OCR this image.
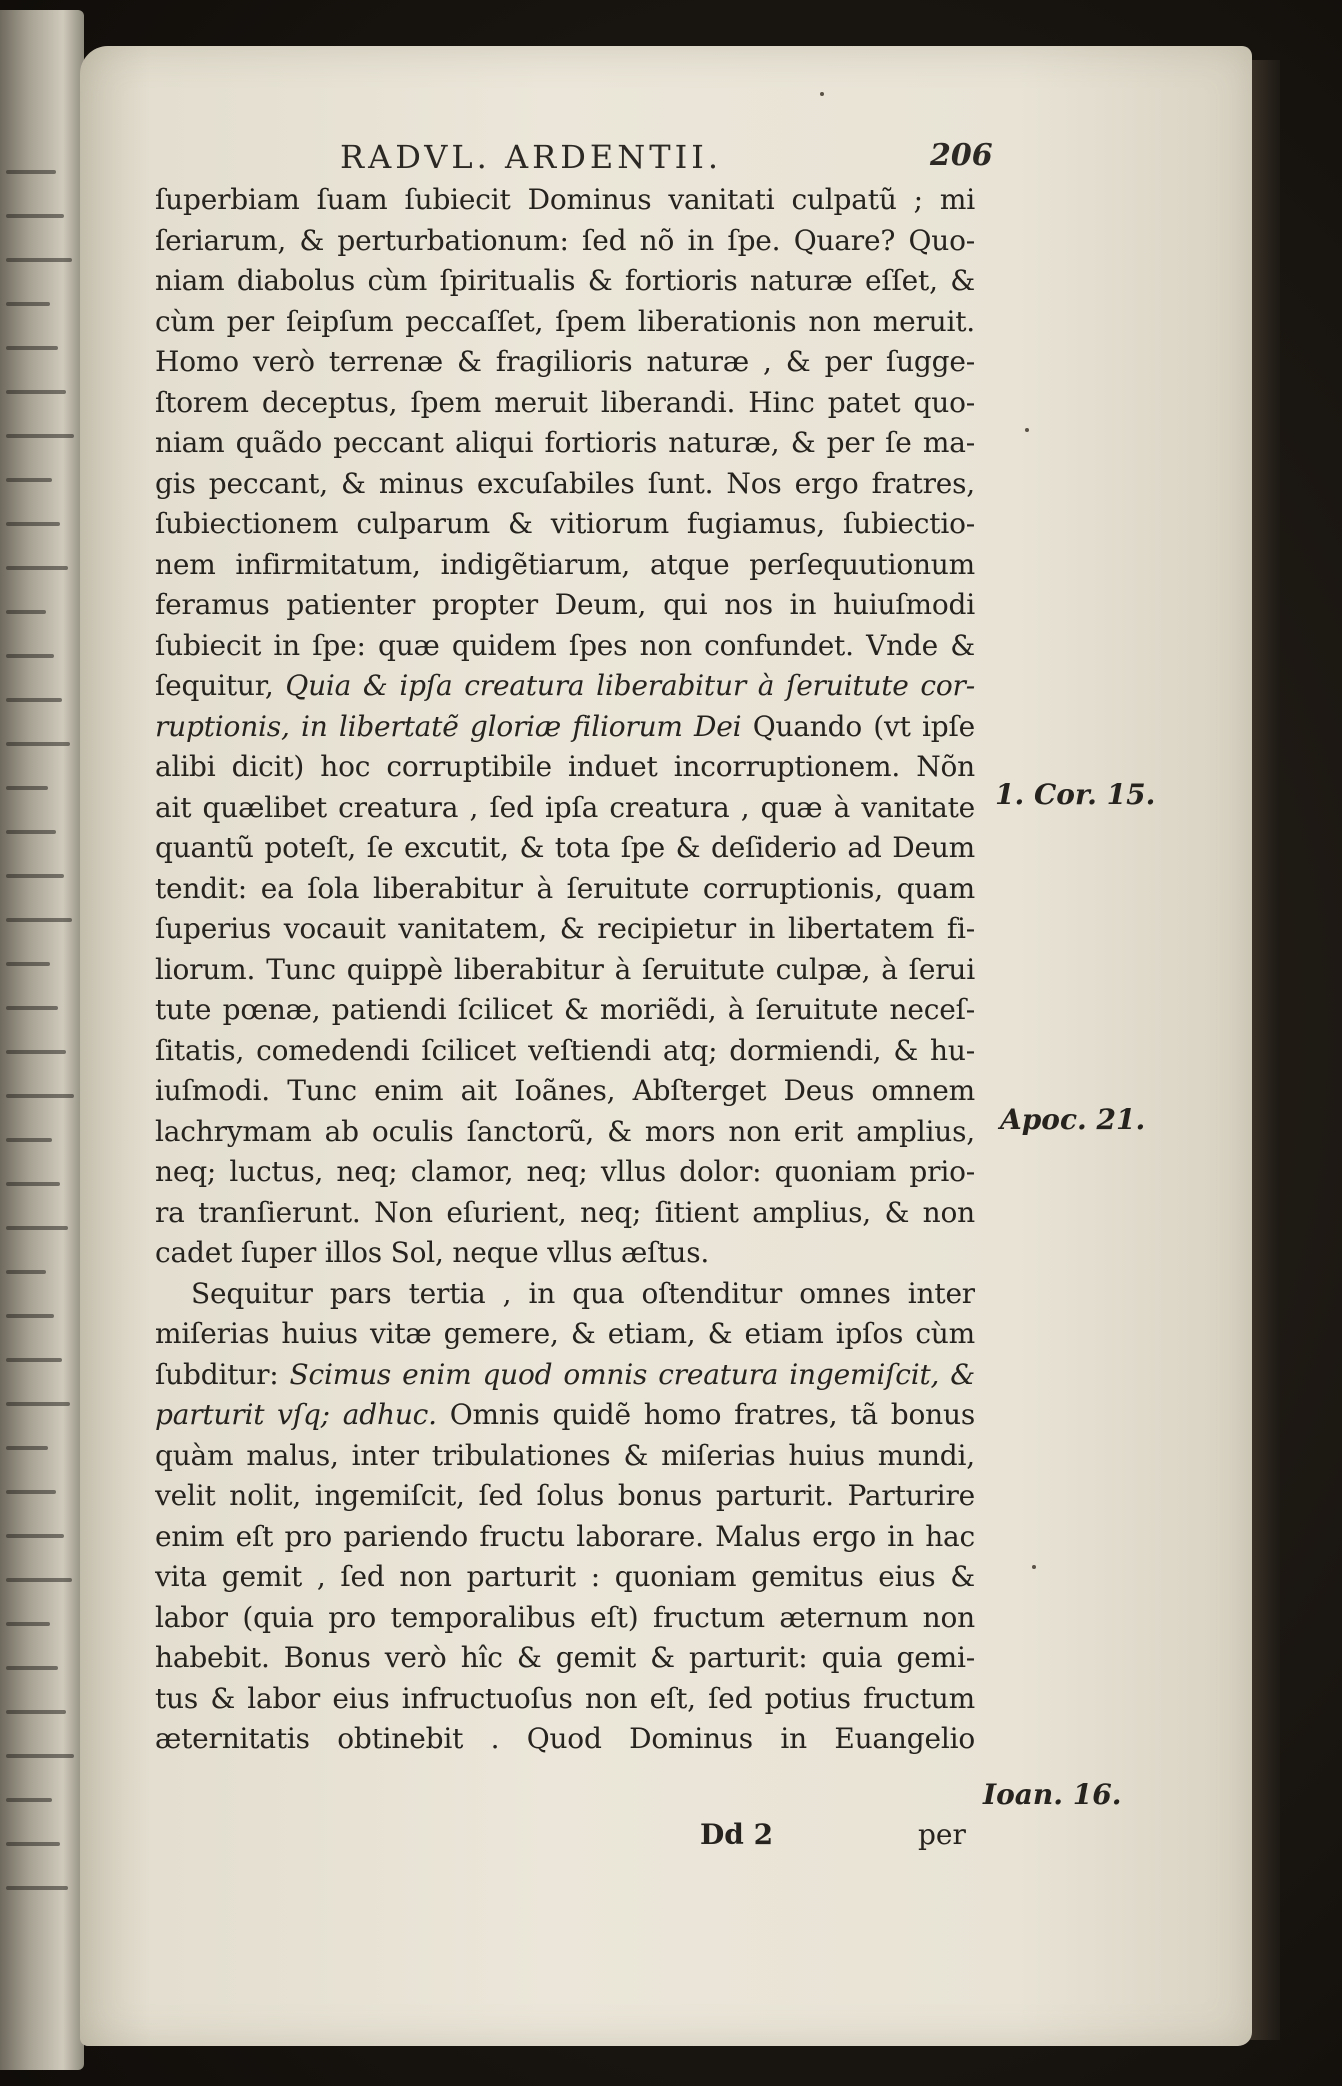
RADVL. ARDENTII.	206
ſuperbiam ſuam ſubiecit Dominus vanitati culpatũ ; mi
ſeriarum, & perturbationum: ſed nõ in ſpe. Quare? Quo-
niam diabolus cùm ſpiritualis & fortioris naturæ eſſet, &
cùm per ſeipſum peccaſſet, ſpem liberationis non meruit.
Homo verò terrenæ & fragilioris naturæ , & per ſugge-
ſtorem deceptus, ſpem meruit liberandi. Hinc patet quo-
niam quãdo peccant aliqui fortioris naturæ, & per ſe ma-
gis peccant, & minus excuſabiles ſunt. Nos ergo fratres,
ſubiectionem culparum & vitiorum fugiamus, ſubiectio-
nem infirmitatum, indigẽtiarum, atque perſequutionum
feramus patienter propter Deum, qui nos in huiuſmodi
ſubiecit in ſpe: quæ quidem ſpes non confundet. Vnde &
ſequitur, Quia & ipſa creatura liberabitur à ſeruitute cor-
ruptionis, in libertatẽ gloriæ filiorum Dei Quando (vt ipſe
alibi dicit) hoc corruptibile induet incorruptionem. Nõn
ait quælibet creatura , ſed ipſa creatura , quæ à vanitate
quantũ poteſt, ſe excutit, & tota ſpe & deſiderio ad Deum
tendit: ea ſola liberabitur à ſeruitute corruptionis, quam
ſuperius vocauit vanitatem, & recipietur in libertatem fi-
liorum. Tunc quippè liberabitur à ſeruitute culpæ, à ſerui
tute pœnæ, patiendi ſcilicet & moriẽdi, à ſeruitute neceſ-
ſitatis, comedendi ſcilicet veſtiendi atq; dormiendi, & hu-
iuſmodi. Tunc enim ait Ioãnes, Abſterget Deus omnem
lachrymam ab oculis ſanctorũ, & mors non erit amplius,
neq; luctus, neq; clamor, neq; vllus dolor: quoniam prio-
ra tranſierunt. Non eſurient, neq; ſitient amplius, & non
cadet ſuper illos Sol, neque vllus æſtus.
Sequitur pars tertia , in qua oſtenditur omnes inter
miſerias huius vitæ gemere, & etiam, & etiam ipſos cùm
ſubditur: Scimus enim quod omnis creatura ingemiſcit, &
parturit vſq; adhuc. Omnis quidẽ homo fratres, tã bonus
quàm malus, inter tribulationes & miſerias huius mundi,
velit nolit, ingemiſcit, ſed ſolus bonus parturit. Parturire
enim eſt pro pariendo fructu laborare. Malus ergo in hac
vita gemit , ſed non parturit : quoniam gemitus eius &
labor (quia pro temporalibus eſt) fructum æternum non
habebit. Bonus verò hîc & gemit & parturit: quia gemi-
tus & labor eius infructuoſus non eſt, ſed potius fructum
æternitatis obtinebit . Quod Dominus in Euangelio
1. Cor. 15.
Apoc. 21.
Ioan. 16.
Dd 2	per
